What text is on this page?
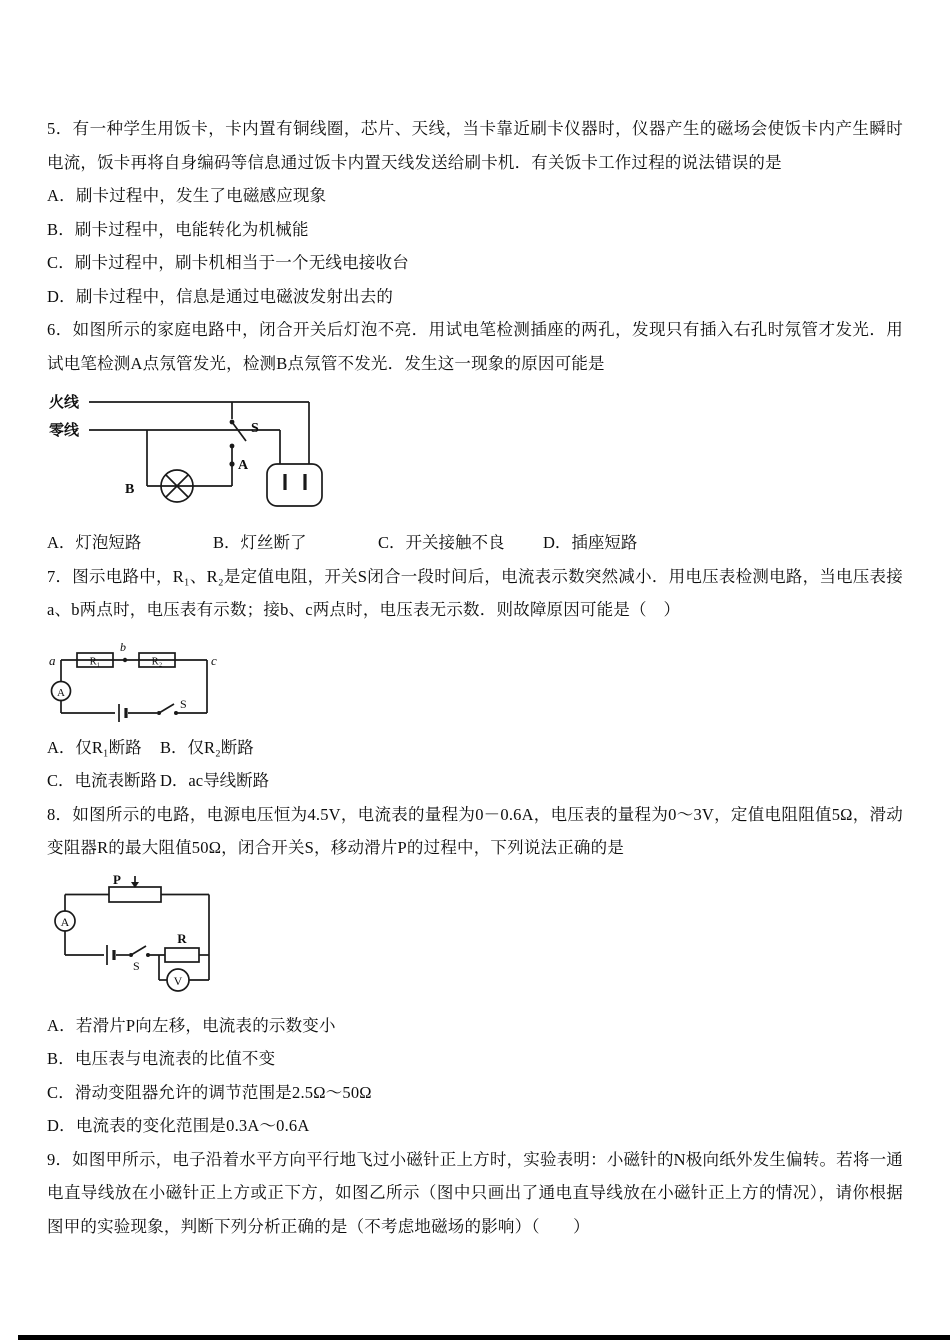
5．有一种学生用饭卡，卡内置有铜线圈，芯片、天线，当卡靠近刷卡仪器时，仪器产生的磁场会使饭卡内产生瞬时电流，饭卡再将自身编码等信息通过饭卡内置天线发送给刷卡机．有关饭卡工作过程的说法错误的是

A．刷卡过程中，发生了电磁感应现象

B．刷卡过程中，电能转化为机械能

C．刷卡过程中，刷卡机相当于一个无线电接收台

D．刷卡过程中，信息是通过电磁波发射出去的

6．如图所示的家庭电路中，闭合开关后灯泡不亮．用试电笔检测插座的两孔，发现只有插入右孔时氖管才发光．用试电笔检测A点氖管发光，检测B点氖管不发光．发生这一现象的原因可能是

火线
零线
B
S
A
A．灯泡短路	B．灯丝断了	C．开关接触不良	D．插座短路

7．图示电路中，R₁、R₂是定值电阻，开关S闭合一段时间后，电流表示数突然减小．用电压表检测电路，当电压表接a、b两点时，电压表有示数；接b、c两点时，电压表无示数．则故障原因可能是（　）

a	R₁
b
R₂	c
A
S
A．仅R₁断路	B．仅R₂断路
C．电流表断路 D．ac导线断路

8．如图所示的电路，电源电压恒为4.5V，电流表的量程为0－0.6A，电压表的量程为0～3V，定值电阻阻值5Ω，滑动变阻器R的最大阻值50Ω，闭合开关S，移动滑片P的过程中，下列说法正确的是

P
A
S
R
V

A．若滑片P向左移，电流表的示数变小

B．电压表与电流表的比值不变

C．滑动变阻器允许的调节范围是2.5Ω～50Ω

D．电流表的变化范围是0.3A～0.6A

9．如图甲所示，电子沿着水平方向平行地飞过小磁针正上方时，实验表明：小磁针的N极向纸外发生偏转。若将一通电直导线放在小磁针正上方或正下方，如图乙所示（图中只画出了通电直导线放在小磁针正上方的情况），请你根据图甲的实验现象，判断下列分析正确的是（不考虑地磁场的影响）（　　）
